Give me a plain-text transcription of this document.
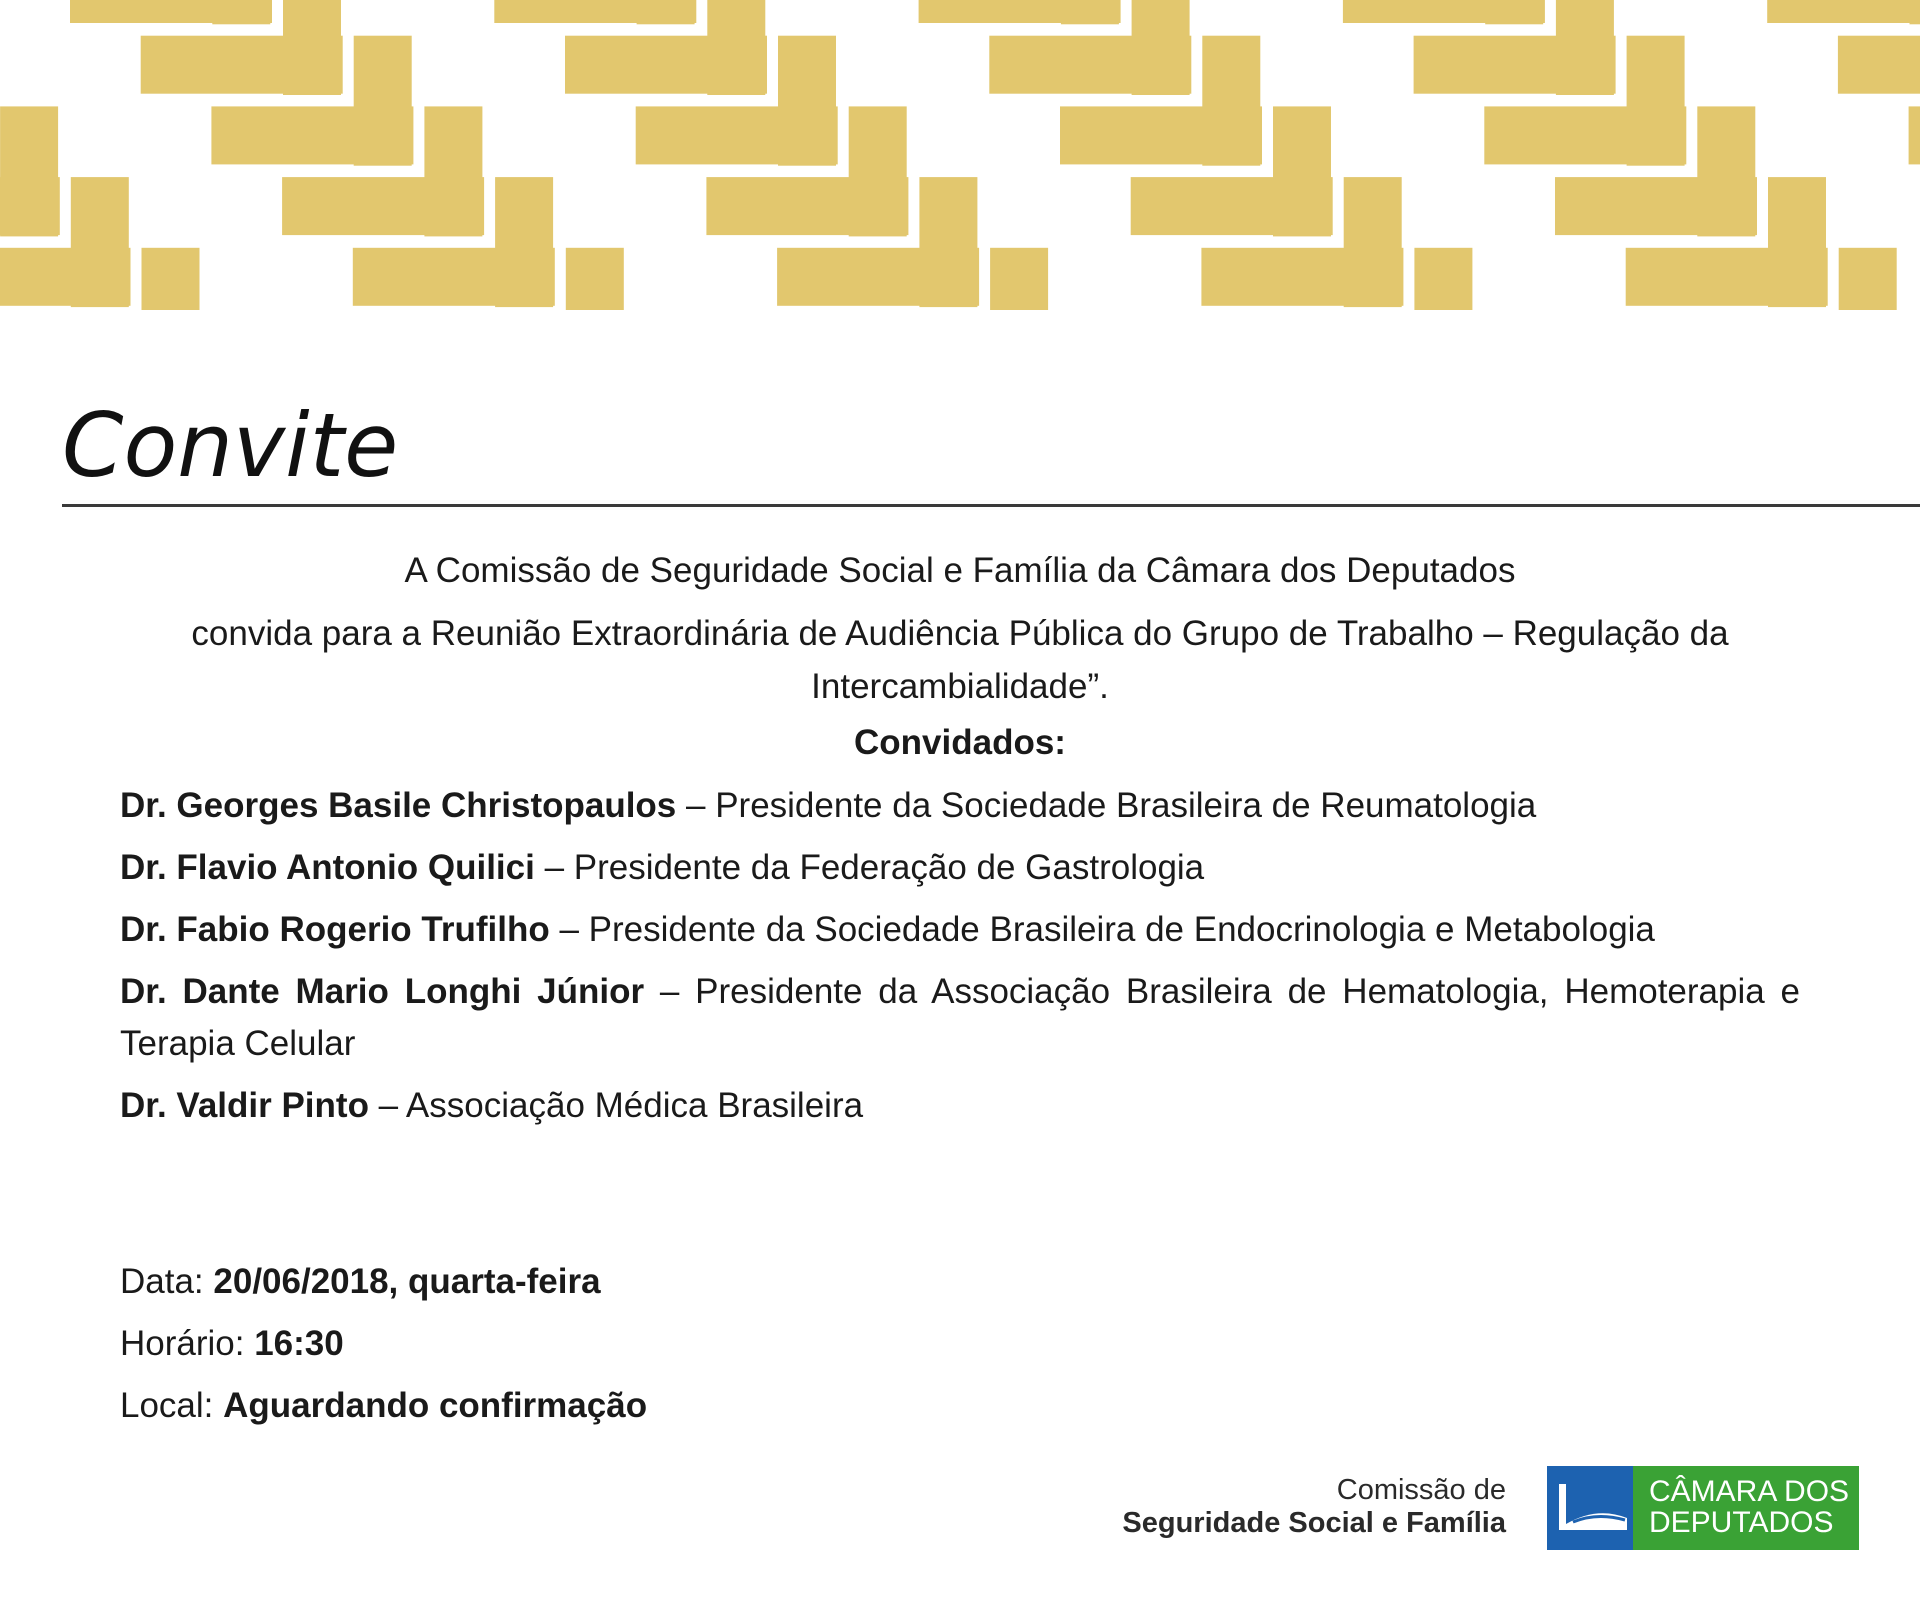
Convite

A Comissão de Seguridade Social e Família da Câmara dos Deputados

convida para a Reunião Extraordinária de Audiência Pública do Grupo de Trabalho – Regulação da Intercambialidade”.

Convidados:
Dr. Georges Basile Christopaulos – Presidente da Sociedade Brasileira de Reumatologia
Dr. Flavio Antonio Quilici – Presidente da Federação de Gastrologia
Dr. Fabio Rogerio Trufilho – Presidente da Sociedade Brasileira de Endocrinologia e Metabologia
Dr. Dante Mario Longhi Júnior – Presidente da Associação Brasileira de Hematologia, Hemoterapia e Terapia Celular
Dr. Valdir Pinto – Associação Médica Brasileira
Data: 20/06/2018, quarta-feira
Horário: 16:30
Local: Aguardando confirmação
Comissão de
Seguridade Social e Família
CÂMARA DOS
DEPUTADOS
